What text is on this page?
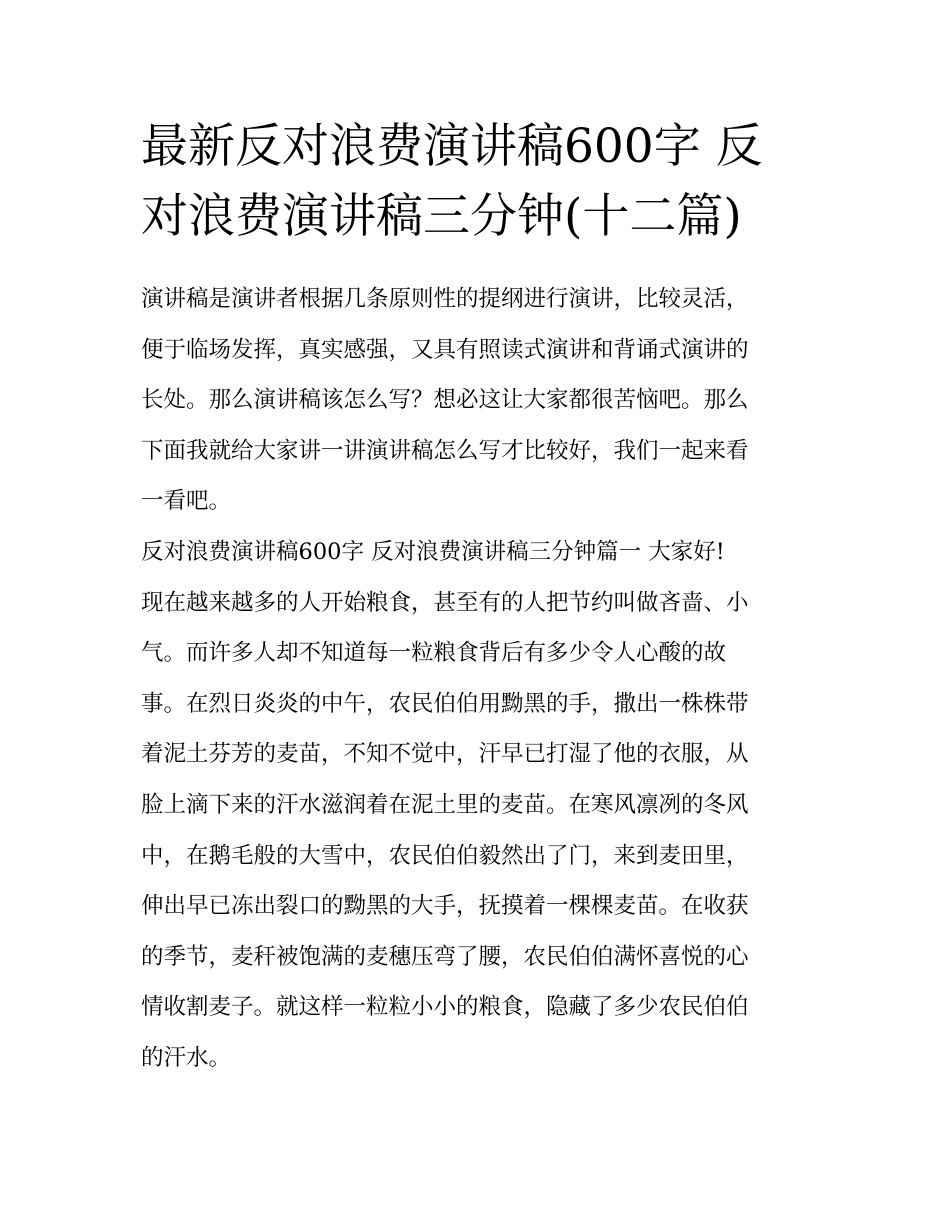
最新反对浪费演讲稿600字 反
对浪费演讲稿三分钟(十二篇)
演讲稿是演讲者根据几条原则性的提纲进行演讲，比较灵活，
便于临场发挥，真实感强，又具有照读式演讲和背诵式演讲的
长处。那么演讲稿该怎么写？想必这让大家都很苦恼吧。那么
下面我就给大家讲一讲演讲稿怎么写才比较好，我们一起来看
一看吧。
反对浪费演讲稿600字 反对浪费演讲稿三分钟篇一 大家好!
现在越来越多的人开始粮食，甚至有的人把节约叫做吝啬、小
气。而许多人却不知道每一粒粮食背后有多少令人心酸的故
事。在烈日炎炎的中午，农民伯伯用黝黑的手，撒出一株株带
着泥土芬芳的麦苗，不知不觉中，汗早已打湿了他的衣服，从
脸上滴下来的汗水滋润着在泥土里的麦苗。在寒风凛冽的冬风
中，在鹅毛般的大雪中，农民伯伯毅然出了门，来到麦田里，
伸出早已冻出裂口的黝黑的大手，抚摸着一棵棵麦苗。在收获
的季节，麦秆被饱满的麦穗压弯了腰，农民伯伯满怀喜悦的心
情收割麦子。就这样一粒粒小小的粮食，隐藏了多少农民伯伯
的汗水。
